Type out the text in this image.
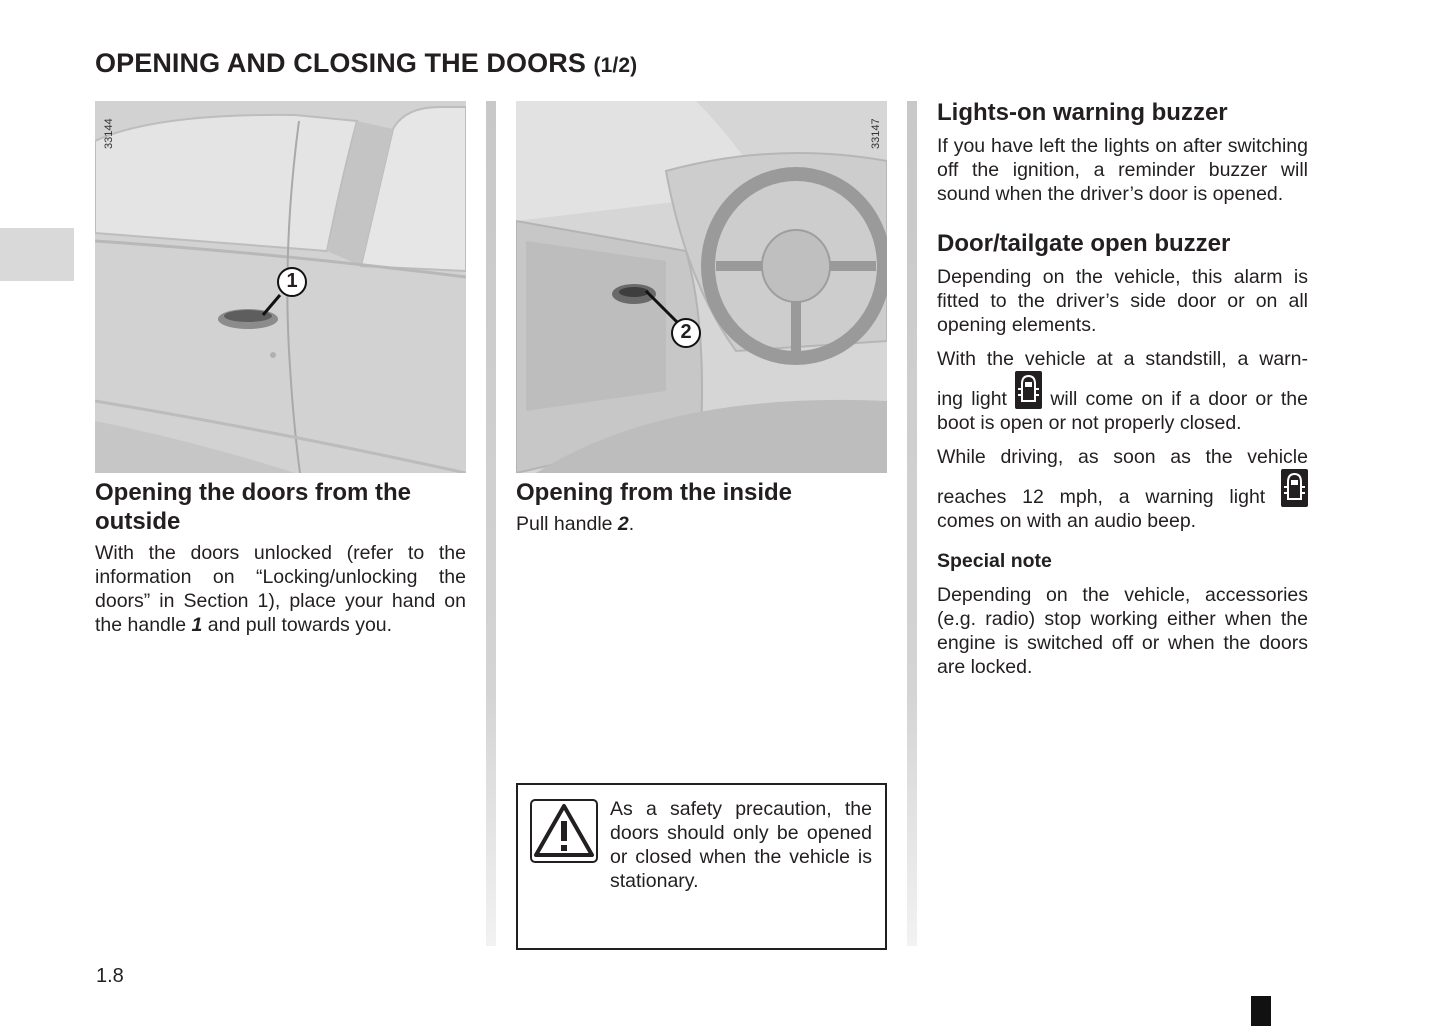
OPENING AND CLOSING THE DOORS (1/2)
1
33144
2
33147
Opening the doors from the outside

With the doors unlocked (refer to the information on “Locking/unlocking the doors” in Section 1), place your hand on the handle 1 and pull towards you.

Opening from the inside

Pull handle 2.

As a safety precaution, the doors should only be opened or closed when the vehicle is stationary.

Lights-on warning buzzer

If you have left the lights on after switching off the ignition, a reminder buzzer will sound when the driver’s door is opened.

Door/tailgate open buzzer

Depending on the vehicle, this alarm is fitted to the driver’s side door or on all opening elements.

With the vehicle at a standstill, a warn-
ing light will come on if a door or the boot is open or not properly closed.

While driving, as soon as the vehicle
reaches 12 mph, a warning light  comes on with an audio beep.

Special note

Depending on the vehicle, accessories (e.g. radio) stop working either when the engine is switched off or when the doors are locked.

1.8
